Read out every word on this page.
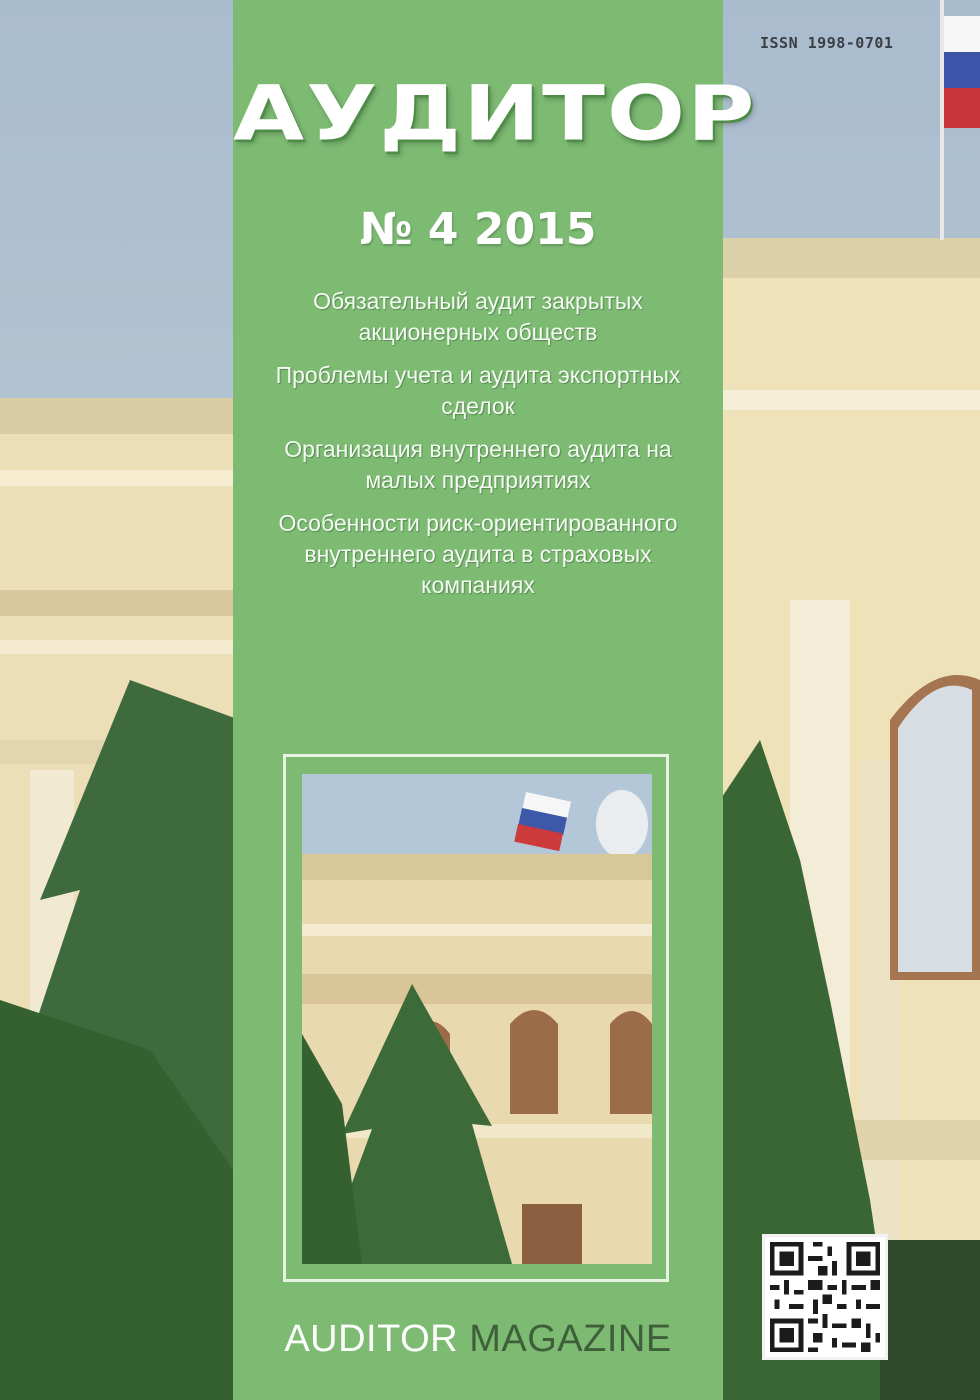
ISSN 1998-0701
АУДИТОР
№ 4 2015
Обязательный аудит закрытых акционерных обществ
Проблемы учета и аудита экспортных сделок
Организация внутреннего аудита на малых предприятиях
Особенности риск-ориентированного внутреннего аудита в страховых компаниях
AUDITOR MAGAZINE
